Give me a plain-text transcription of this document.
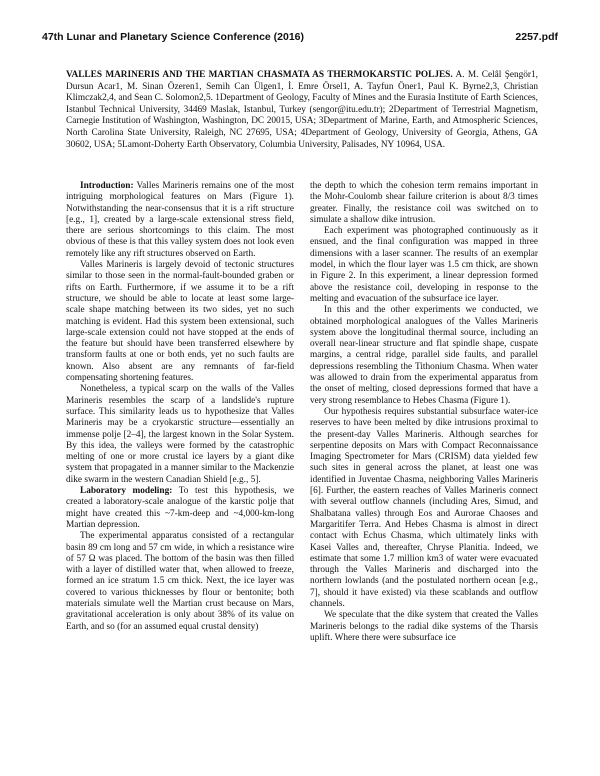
47th Lunar and Planetary Science Conference (2016)	2257.pdf
VALLES MARINERIS AND THE MARTIAN CHASMATA AS THERMOKARSTIC POLJES. A. M. Celâl Şengör1, Dursun Acar1, M. Sinan Özeren1, Semih Can Ülgen1, İ. Emre Örsel1, A. Tayfun Öner1, Paul K. Byrne2,3, Christian Klimczak2,4, and Sean C. Solomon2,5. 1Department of Geology, Faculty of Mines and the Eurasia Institute of Earth Sciences, Istanbul Technical University, 34469 Maslak, Istanbul, Turkey (sengor@itu.edu.tr); 2Department of Terrestrial Magnetism, Carnegie Institution of Washington, Washington, DC 20015, USA; 3Department of Marine, Earth, and Atmospheric Sciences, North Carolina State University, Raleigh, NC 27695, USA; 4Department of Geology, University of Georgia, Athens, GA 30602, USA; 5Lamont-Doherty Earth Observatory, Columbia University, Palisades, NY 10964, USA.

Introduction: Valles Marineris remains one of the most intriguing morphological features on Mars (Figure 1). Notwithstanding the near-consensus that it is a rift structure [e.g., 1], created by a large-scale extensional stress field, there are serious shortcomings to this claim. The most obvious of these is that this valley system does not look even remotely like any rift structures observed on Earth.

Valles Marineris is largely devoid of tectonic structures similar to those seen in the normal-fault-bounded graben or rifts on Earth. Furthermore, if we assume it to be a rift structure, we should be able to locate at least some large-scale shape matching between its two sides, yet no such matching is evident. Had this system been extensional, such large-scale extension could not have stopped at the ends of the feature but should have been transferred elsewhere by transform faults at one or both ends, yet no such faults are known. Also absent are any remnants of far-field compensating shortening features.

Nonetheless, a typical scarp on the walls of the Valles Marineris resembles the scarp of a landslide's rupture surface. This similarity leads us to hypothesize that Valles Marineris may be a cryokarstic structure—essentially an immense polje [2–4], the largest known in the Solar System. By this idea, the valleys were formed by the catastrophic melting of one or more crustal ice layers by a giant dike system that propagated in a manner similar to the Mackenzie dike swarm in the western Canadian Shield [e.g., 5].

Laboratory modeling: To test this hypothesis, we created a laboratory-scale analogue of the karstic polje that might have created this ~7-km-deep and ~4,000-km-long Martian depression.

The experimental apparatus consisted of a rectangular basin 89 cm long and 57 cm wide, in which a resistance wire of 57 Ω was placed. The bottom of the basin was then filled with a layer of distilled water that, when allowed to freeze, formed an ice stratum 1.5 cm thick. Next, the ice layer was covered to various thicknesses by flour or bentonite; both materials simulate well the Martian crust because on Mars, gravitational acceleration is only about 38% of its value on Earth, and so (for an assumed equal crustal density)

the depth to which the cohesion term remains important in the Mohr-Coulomb shear failure criterion is about 8/3 times greater. Finally, the resistance coil was switched on to simulate a shallow dike intrusion.

Each experiment was photographed continuously as it ensued, and the final configuration was mapped in three dimensions with a laser scanner. The results of an exemplar model, in which the flour layer was 1.5 cm thick, are shown in Figure 2. In this experiment, a linear depression formed above the resistance coil, developing in response to the melting and evacuation of the subsurface ice layer.

In this and the other experiments we conducted, we obtained morphological analogues of the Valles Marineris system above the longitudinal thermal source, including an overall near-linear structure and flat spindle shape, cuspate margins, a central ridge, parallel side faults, and parallel depressions resembling the Tithonium Chasma. When water was allowed to drain from the experimental apparatus from the onset of melting, closed depressions formed that have a very strong resemblance to Hebes Chasma (Figure 1).

Our hypothesis requires substantial subsurface water-ice reserves to have been melted by dike intrusions proximal to the present-day Valles Marineris. Although searches for serpentine deposits on Mars with Compact Reconnaissance Imaging Spectrometer for Mars (CRISM) data yielded few such sites in general across the planet, at least one was identified in Juventae Chasma, neighboring Valles Marineris [6]. Further, the eastern reaches of Valles Marineris connect with several outflow channels (including Ares, Simud, and Shalbatana valles) through Eos and Aurorae Chaoses and Margaritifer Terra. And Hebes Chasma is almost in direct contact with Echus Chasma, which ultimately links with Kasei Valles and, thereafter, Chryse Planitia. Indeed, we estimate that some 1.7 million km3 of water were evacuated through the Valles Marineris and discharged into the northern lowlands (and the postulated northern ocean [e.g., 7], should it have existed) via these scablands and outflow channels.

We speculate that the dike system that created the Valles Marineris belongs to the radial dike systems of the Tharsis uplift. Where there were subsurface ice
